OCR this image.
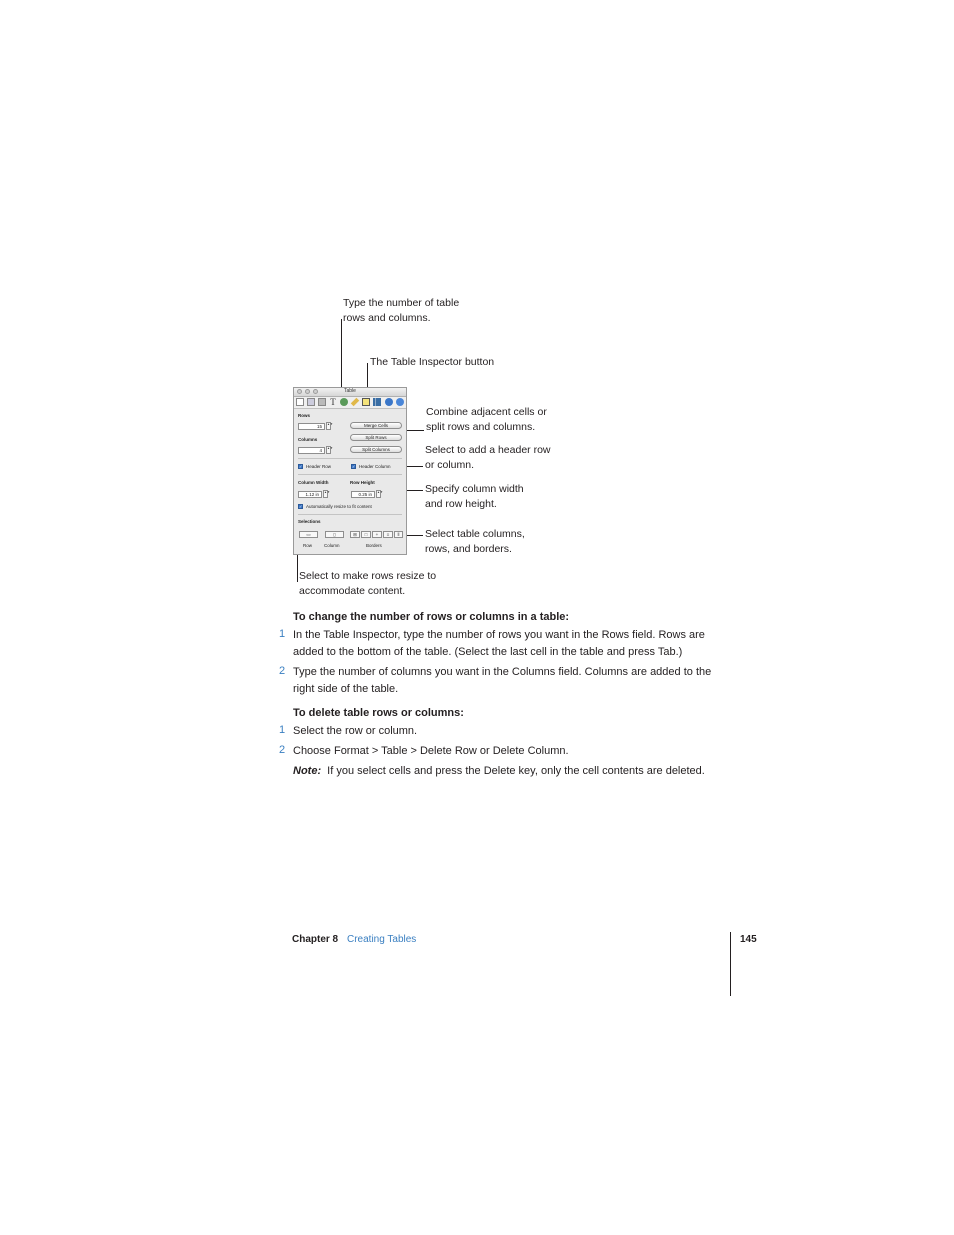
Type the number of table
rows and columns.
The Table Inspector button
Combine adjacent cells or
split rows and columns.
Select to add a header row
or column.
Specify column width
and row height.
Select table columns,
rows, and borders.
Select to make rows resize to
accommodate content.
Table
T
Rows
15	▲▼
Columns
4	▲▼
Merge Cells
Split Rows
Split Columns
✓ Header Row	✓ Header Column
Column Width	Row Height
1.12 in	▲▼	0.25 in	▲▼
✓ Automatically resize to fit content
Selections
▭	▯	⊞	□	+	≡	⦀
Row	Column	Borders
To change the number of rows or columns in a table:
1 In the Table Inspector, type the number of rows you want in the Rows field. Rows are added to the bottom of the table. (Select the last cell in the table and press Tab.)
2 Type the number of columns you want in the Columns field. Columns are added to the right side of the table.
To delete table rows or columns:
1 Select the row or column.
2 Choose Format > Table > Delete Row or Delete Column.
Note: If you select cells and press the Delete key, only the cell contents are deleted.
Chapter 8 Creating Tables	145
